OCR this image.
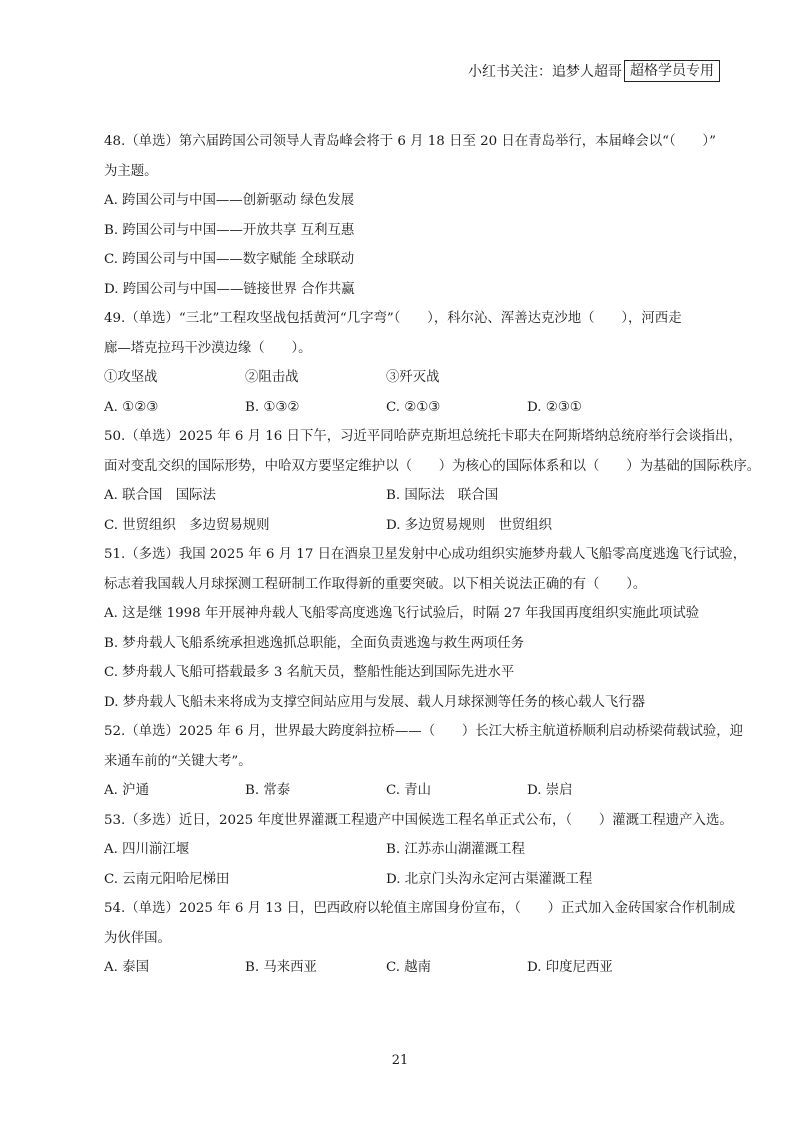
小红书关注：追梦人超哥 超格学员专用

48.（单选）第六届跨国公司领导人青岛峰会将于 6 月 18 日至 20 日在青岛举行，本届峰会以“（　　）”

为主题。

A. 跨国公司与中国——创新驱动 绿色发展

B. 跨国公司与中国——开放共享 互利互惠

C. 跨国公司与中国——数字赋能 全球联动

D. 跨国公司与中国——链接世界 合作共赢

49.（单选）“三北”工程攻坚战包括黄河“几字弯”（　　），科尔沁、浑善达克沙地（　　），河西走

廊—塔克拉玛干沙漠边缘（　　）。

①攻坚战	②阻击战	③歼灭战
A. ①②③	B. ①③②	C. ②①③	D. ②③①

50.（单选）2025 年 6 月 16 日下午，习近平同哈萨克斯坦总统托卡耶夫在阿斯塔纳总统府举行会谈指出，

面对变乱交织的国际形势，中哈双方要坚定维护以（　　）为核心的国际体系和以（　　）为基础的国际秩序。

A. 联合国　国际法	B. 国际法　联合国
C. 世贸组织　多边贸易规则	D. 多边贸易规则　世贸组织

51.（多选）我国 2025 年 6 月 17 日在酒泉卫星发射中心成功组织实施梦舟载人飞船零高度逃逸飞行试验，

标志着我国载人月球探测工程研制工作取得新的重要突破。以下相关说法正确的有（　　）。

A. 这是继 1998 年开展神舟载人飞船零高度逃逸飞行试验后，时隔 27 年我国再度组织实施此项试验

B. 梦舟载人飞船系统承担逃逸抓总职能，全面负责逃逸与救生两项任务

C. 梦舟载人飞船可搭载最多 3 名航天员，整船性能达到国际先进水平

D. 梦舟载人飞船未来将成为支撑空间站应用与发展、载人月球探测等任务的核心载人飞行器

52.（单选）2025 年 6 月，世界最大跨度斜拉桥——（　　）长江大桥主航道桥顺利启动桥梁荷载试验，迎

来通车前的“关键大考”。

A. 沪通	B. 常泰	C. 青山	D. 崇启

53.（多选）近日，2025 年度世界灌溉工程遗产中国候选工程名单正式公布，（　　）灌溉工程遗产入选。

A. 四川湔江堰	B. 江苏赤山湖灌溉工程
C. 云南元阳哈尼梯田	D. 北京门头沟永定河古渠灌溉工程

54.（单选）2025 年 6 月 13 日，巴西政府以轮值主席国身份宣布，（　　）正式加入金砖国家合作机制成

为伙伴国。

A. 泰国	B. 马来西亚	C. 越南	D. 印度尼西亚
21
